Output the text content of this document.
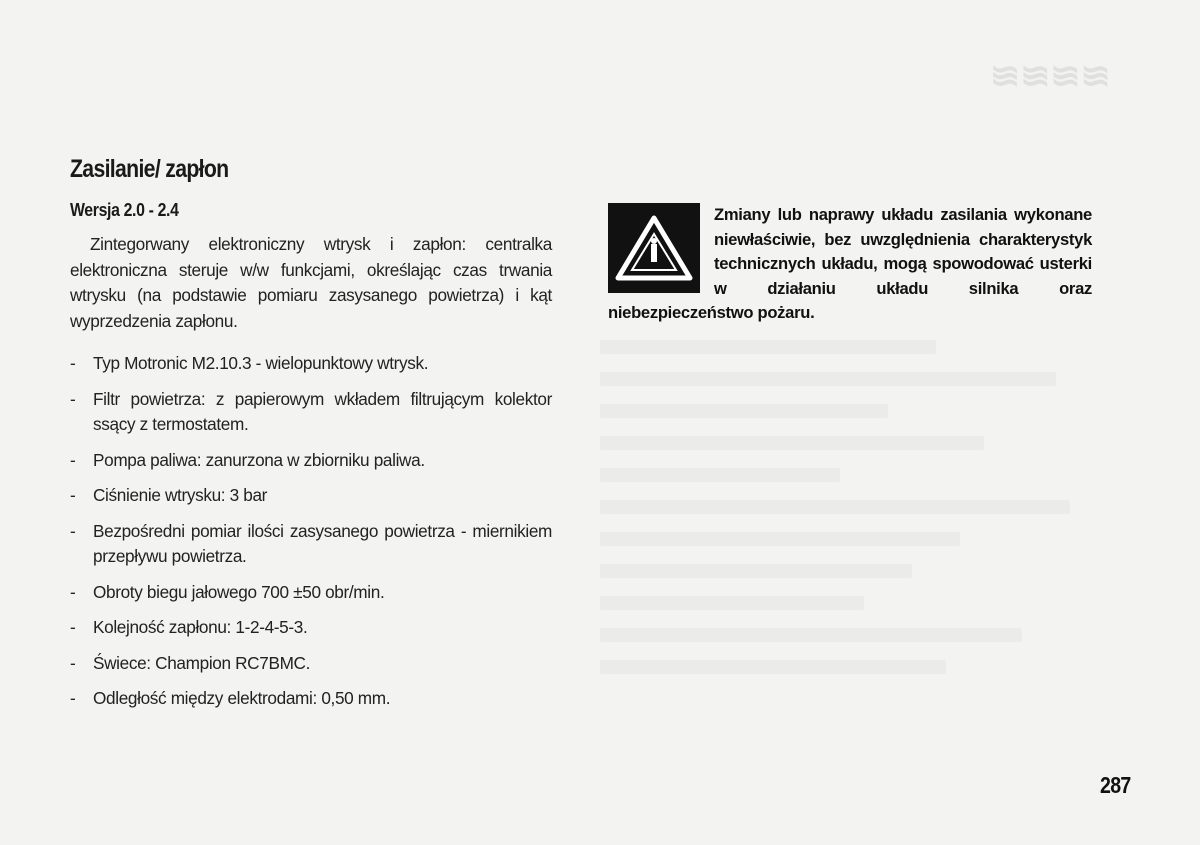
≋≋≋≋
Zasilanie/ zapłon
Wersja 2.0 - 2.4

Zintegorwany elektroniczny wtrysk i zapłon: centralka elektroniczna steruje w/w funkcjami, określając czas trwania wtrysku (na podstawie pomiaru zasysanego powietrza) i kąt wyprzedzenia zapłonu.

- Typ Motronic M2.10.3 - wielopunktowy wtrysk.
- Filtr powietrza: z papierowym wkładem filtrującym kolektor ssący z termostatem.
- Pompa paliwa: zanurzona w zbiorniku paliwa.
- Ciśnienie wtrysku: 3 bar
- Bezpośredni pomiar ilości zasysanego powietrza - miernikiem przepływu powietrza.
- Obroty biegu jałowego 700 ±50 obr/min.
- Kolejność zapłonu: 1-2-4-5-3.
- Świece: Champion RC7BMC.
- Odległość między elektrodami: 0,50 mm.
Zmiany lub naprawy układu zasilania wykonane niewłaściwie, bez uwzględnienia charakterystyk technicznych układu, mogą spowodować usterki w działaniu układu silnika oraz niebezpieczeństwo pożaru.
287
